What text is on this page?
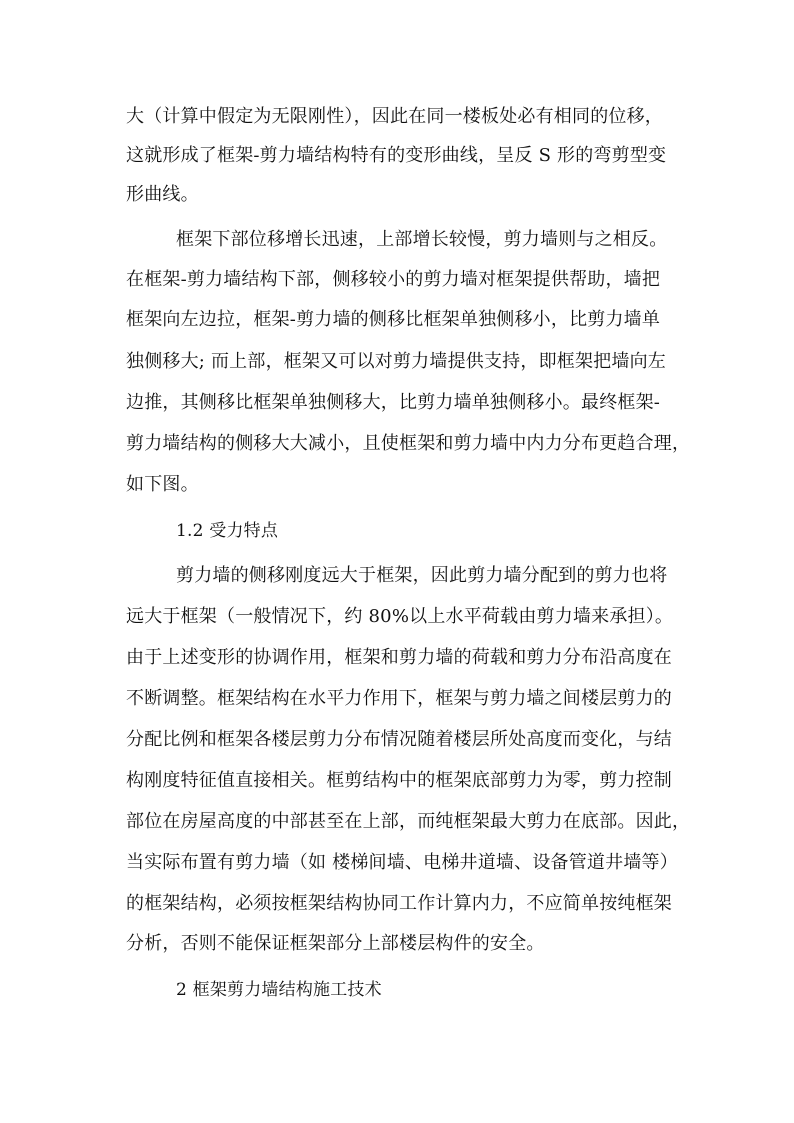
大（计算中假定为无限刚性），因此在同一楼板处必有相同的位移，
这就形成了框架-剪力墙结构特有的变形曲线，呈反 S 形的弯剪型变
形曲线。
框架下部位移增长迅速，上部增长较慢，剪力墙则与之相反。
在框架-剪力墙结构下部，侧移较小的剪力墙对框架提供帮助，墙把
框架向左边拉，框架-剪力墙的侧移比框架单独侧移小，比剪力墙单
独侧移大; 而上部，框架又可以对剪力墙提供支持，即框架把墙向左
边推，其侧移比框架单独侧移大，比剪力墙单独侧移小。最终框架-
剪力墙结构的侧移大大减小，且使框架和剪力墙中内力分布更趋合理，
如下图。
1.2 受力特点
剪力墙的侧移刚度远大于框架，因此剪力墙分配到的剪力也将
远大于框架（一般情况下，约 80%以上水平荷载由剪力墙来承担）。
由于上述变形的协调作用，框架和剪力墙的荷载和剪力分布沿高度在
不断调整。框架结构在水平力作用下，框架与剪力墙之间楼层剪力的
分配比例和框架各楼层剪力分布情况随着楼层所处高度而变化，与结
构刚度特征值直接相关。框剪结构中的框架底部剪力为零，剪力控制
部位在房屋高度的中部甚至在上部，而纯框架最大剪力在底部。因此，
当实际布置有剪力墙（如 楼梯间墙、电梯井道墙、设备管道井墙等）
的框架结构，必须按框架结构协同工作计算内力，不应简单按纯框架
分析，否则不能保证框架部分上部楼层构件的安全。
2 框架剪力墙结构施工技术
